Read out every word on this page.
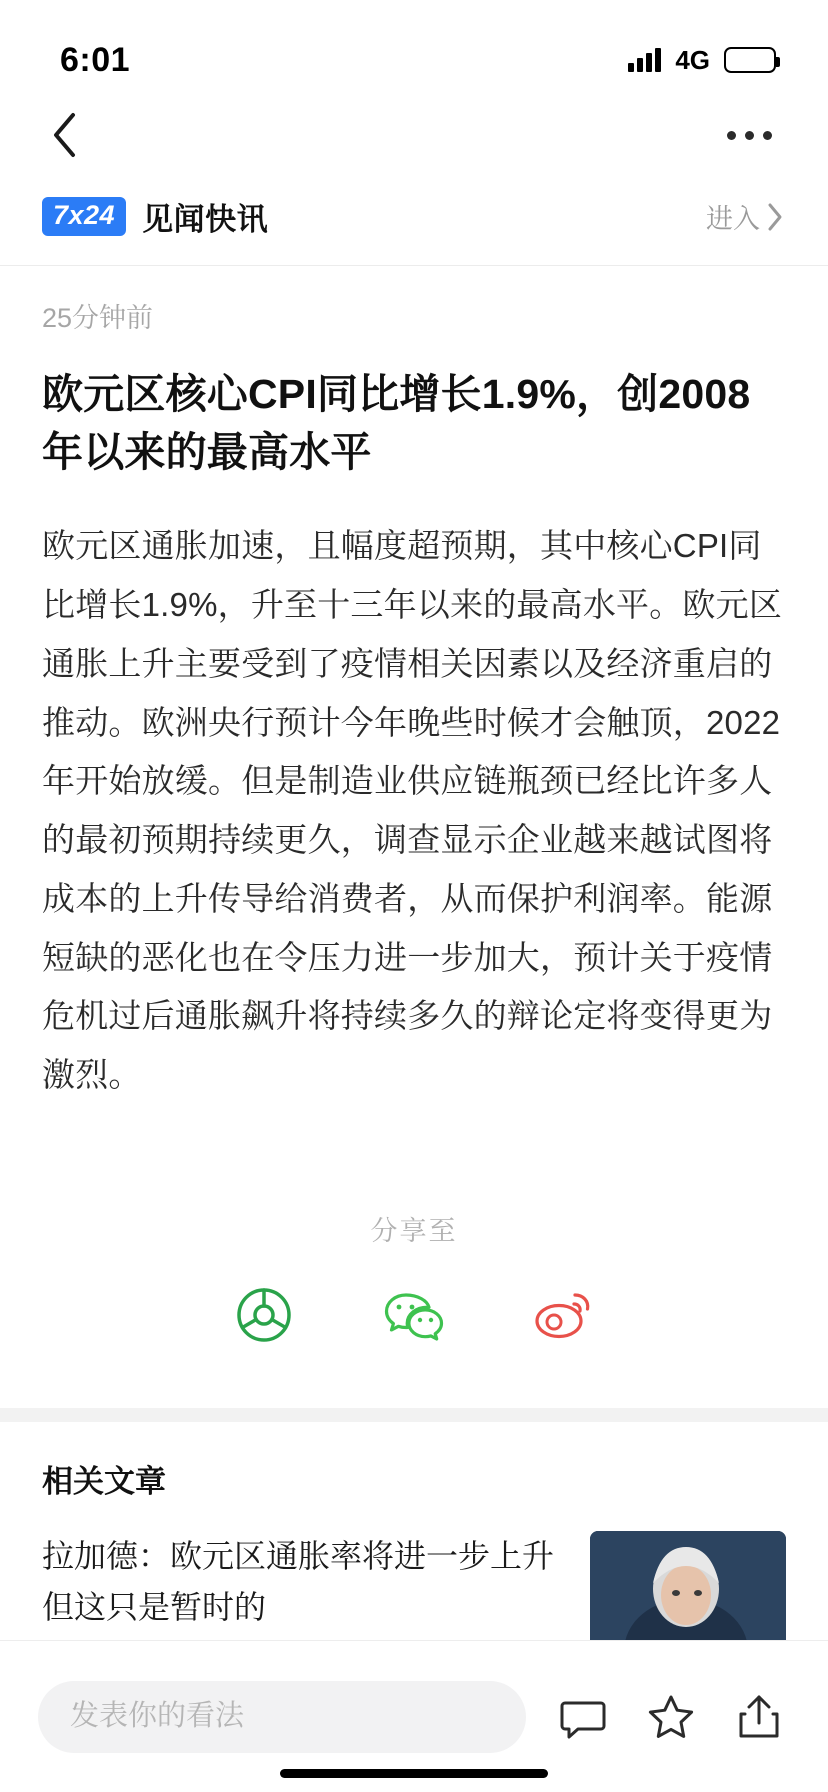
6:01	4G
7x24 见闻快讯	进入
25分钟前
欧元区核心CPI同比增长1.9%，创2008年以来的最高水平

欧元区通胀加速，且幅度超预期，其中核心CPI同比增长1.9%，升至十三年以来的最高水平。欧元区通胀上升主要受到了疫情相关因素以及经济重启的推动。欧洲央行预计今年晚些时候才会触顶，2022年开始放缓。但是制造业供应链瓶颈已经比许多人的最初预期持续更久，调查显示企业越来越试图将成本的上升传导给消费者，从而保护利润率。能源短缺的恶化也在令压力进一步加大，预计关于疫情危机过后通胀飙升将持续多久的辩论定将变得更为激烈。

分享至
相关文章
拉加德：欧元区通胀率将进一步上升 但这只是暂时的
发表你的看法
